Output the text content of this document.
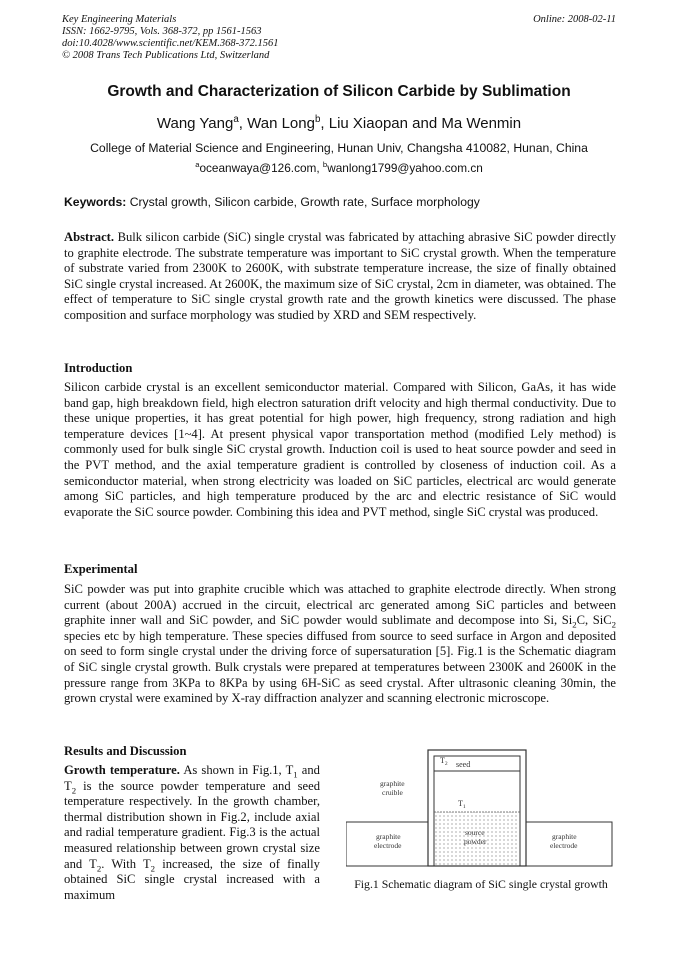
Key Engineering Materials
ISSN: 1662-9795, Vols. 368-372, pp 1561-1563
doi:10.4028/www.scientific.net/KEM.368-372.1561
© 2008 Trans Tech Publications Ltd, Switzerland
Online: 2008-02-11
Growth and Characterization of Silicon Carbide by Sublimation
Wang Yang$^a$, Wan Long$^b$, Liu Xiaopan and Ma Wenmin
College of Material Science and Engineering, Hunan Univ, Changsha 410082, Hunan, China
$^a$oceanwaya@126.com, $^b$wanlong1799@yahoo.com.cn
Keywords: Crystal growth, Silicon carbide, Growth rate, Surface morphology

Abstract. Bulk silicon carbide (SiC) single crystal was fabricated by attaching abrasive SiC powder directly to graphite electrode. The substrate temperature was important to SiC crystal growth. When the temperature of substrate varied from 2300K to 2600K, with substrate temperature increase, the size of finally obtained SiC single crystal increased. At 2600K, the maximum size of SiC crystal, 2cm in diameter, was obtained. The effect of temperature to SiC single crystal growth rate and the growth kinetics were discussed. The phase composition and surface morphology was studied by XRD and SEM respectively.

Introduction

Silicon carbide crystal is an excellent semiconductor material. Compared with Silicon, GaAs, it has wide band gap, high breakdown field, high electron saturation drift velocity and high thermal conductivity. Due to these unique properties, it has great potential for high power, high frequency, strong radiation and high temperature devices [1~4]. At present physical vapor transportation method (modified Lely method) is commonly used for bulk single SiC crystal growth. Induction coil is used to heat source powder and seed in the PVT method, and the axial temperature gradient is controlled by closeness of induction coil. As a semiconductor material, when strong electricity was loaded on SiC particles, electrical arc would generate among SiC particles, and high temperature produced by the arc and electric resistance of SiC would evaporate the SiC source powder. Combining this idea and PVT method, single SiC crystal was produced.

Experimental

SiC powder was put into graphite crucible which was attached to graphite electrode directly. When strong current (about 200A) accrued in the circuit, electrical arc generated among SiC particles and between graphite inner wall and SiC powder, and SiC powder would sublimate and decompose into Si, $Si_2C$, SiC$_2$ species etc by high temperature. These species diffused from source to seed surface in Argon and deposited on seed to form single crystal under the driving force of supersaturation [5]. Fig.1 is the Schematic diagram of SiC single crystal growth. Bulk crystals were prepared at temperatures between 2300K and 2600K in the pressure range from 3KPa to 8KPa by using 6H-SiC as seed crystal. After ultrasonic cleaning 30min, the grown crystal were examined by X-ray diffraction analyzer and scanning electronic microscope.

Results and Discussion

Growth temperature. As shown in Fig.1, $T_1$ and $T_2$ is the source powder temperature and seed temperature respectively. In the growth chamber, thermal distribution shown in Fig.2, include axial and radial temperature gradient. Fig.3 is the actual measured relationship between grown crystal size and $T_2$. With $T_2$ increased, the size of finally obtained SiC single crystal increased with a maximum

$T_2$ seed
graphite
cruible
$T_1$
source
powder
graphite
electrode
graphite
electrode
Fig.1 Schematic diagram of SiC single crystal growth
